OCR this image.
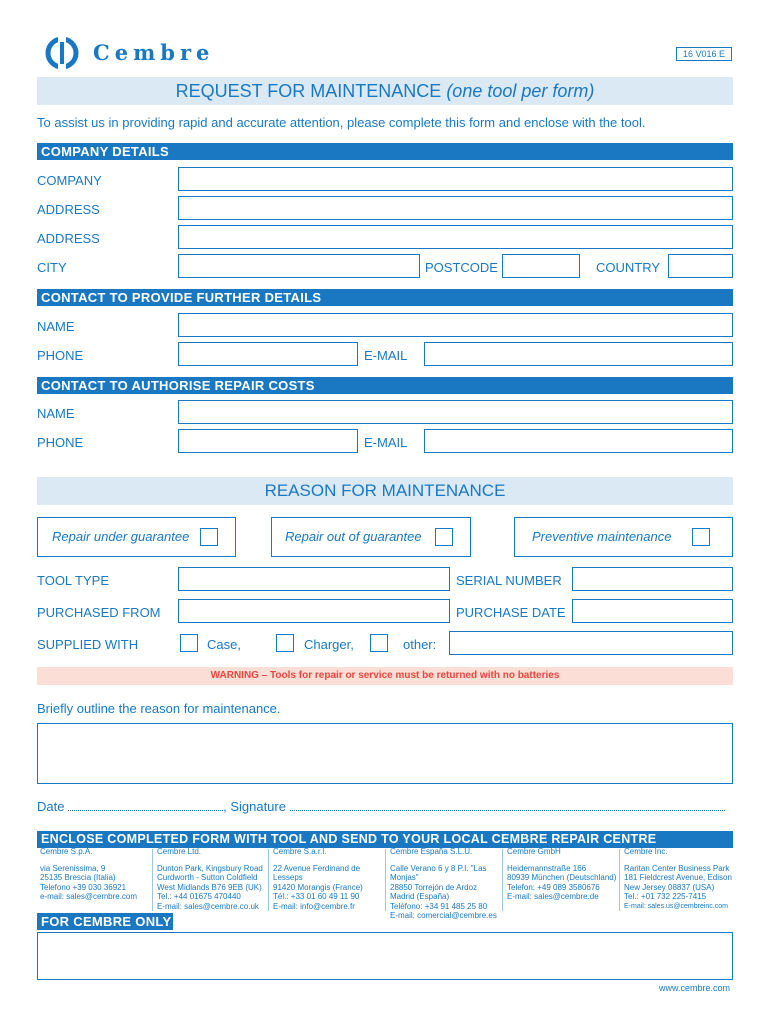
Cembre	16 V016 E
REQUEST FOR MAINTENANCE (one tool per form)
To assist us in providing rapid and accurate attention, please complete this form and enclose with the tool.
COMPANY DETAILS
COMPANY
ADDRESS
ADDRESS
CITY	POSTCODE	COUNTRY
CONTACT TO PROVIDE FURTHER DETAILS
NAME
PHONE	E-MAIL
CONTACT TO AUTHORISE REPAIR COSTS
NAME
PHONE	E-MAIL
REASON FOR MAINTENANCE
Repair under guarantee	Repair out of guarantee	Preventive maintenance
TOOL TYPE	SERIAL NUMBER
PURCHASED FROM	PURCHASE DATE
SUPPLIED WITH	Case,	Charger,	other:
WARNING – Tools for repair or service must be returned with no batteries
Briefly outline the reason for maintenance.
Date	, Signature
ENCLOSE COMPLETED FORM WITH TOOL AND SEND TO YOUR LOCAL CEMBRE REPAIR CENTRE
Cembre S.p.A.
via Serenissima, 9
25135 Brescia (Italia)
Telefono +39 030 36921
e-mail: sales@cembre.com
Cembre Ltd.
Dunton Park, Kingsbury Road
Curdworth - Sutton Coldfield
West Midlands B76 9EB (UK)
Tel.: +44 01675 470440
E-mail: sales@cembre.co.uk
Cembre S.a.r.l.
22 Avenue Ferdinand de Lesseps
91420 Morangis (France)
Tél.: +33 01 60 49 11 90
E-mail: info@cembre.fr
Cembre España S.L.U.
Calle Verano 6 y 8 P.I. "Las Monjas"
28850 Torrejón de Ardoz
Madrid (España)
Teléfono: +34 91 485 25 80
E-mail: comercial@cembre.es
Cembre GmbH
Heidemannstraße 166
80939 München (Deutschland)
Telefon: +49 089 3580676
E-mail: sales@cembre.de
Cembre Inc.
Raritan Center Business Park
181 Fieldcrest Avenue, Edison
New Jersey 08837 (USA)
Tel.: +01 732 225-7415
E-mail: sales.us@cembreinc.com
FOR CEMBRE ONLY
www.cembre.com
